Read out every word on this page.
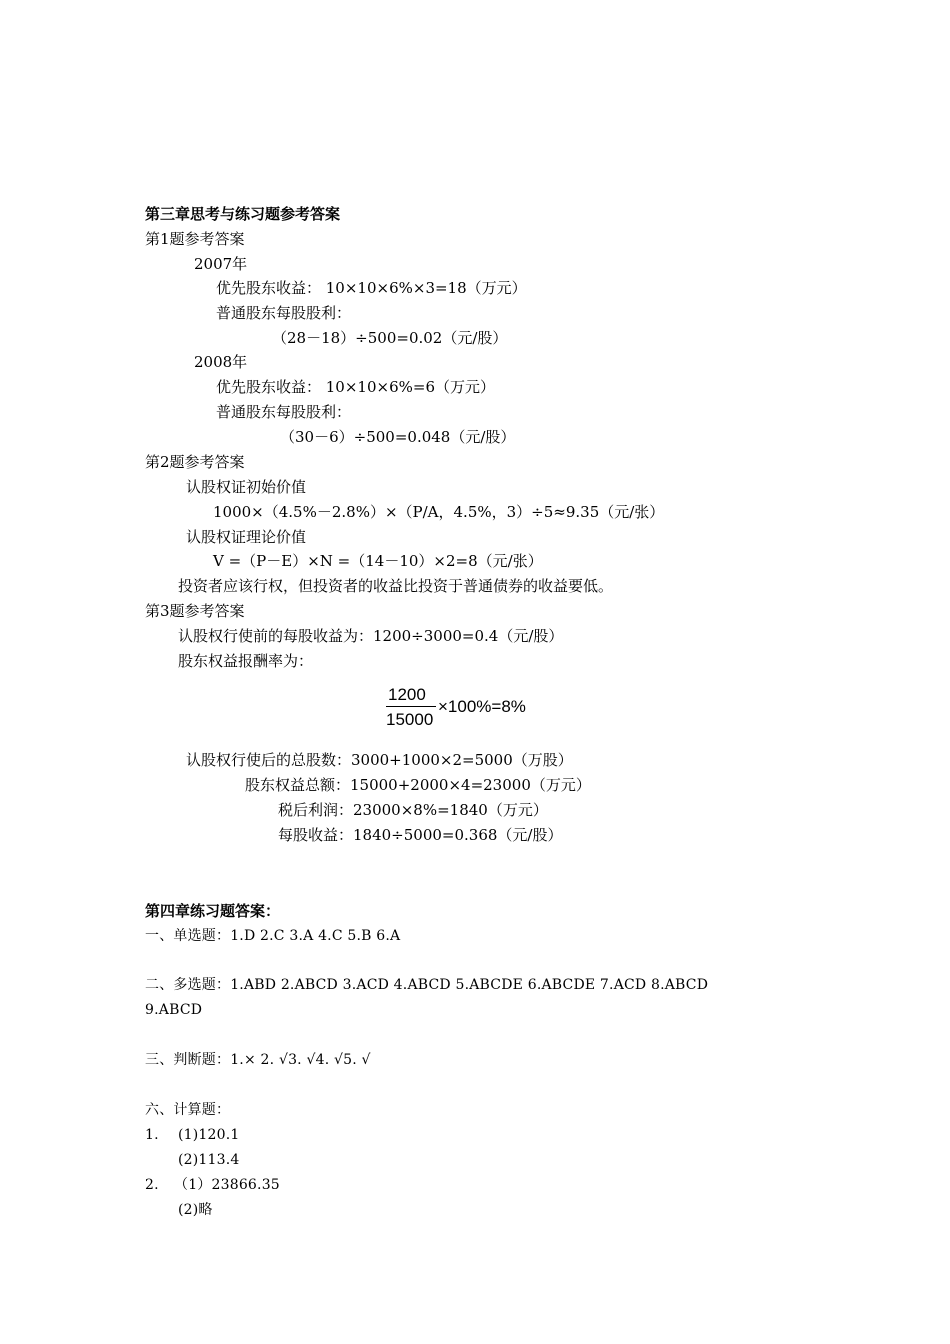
第三章思考与练习题参考答案
第1题参考答案
2007年
优先股东收益： 10×10×6%×3=18（万元）
普通股东每股股利：
（28－18）÷500=0.02（元/股）
2008年
优先股东收益： 10×10×6%=6（万元）
普通股东每股股利：
（30－6）÷500=0.048（元/股）
第2题参考答案
认股权证初始价值
1000×（4.5%－2.8%）×（P/A，4.5%，3）÷5≈9.35（元/张）
认股权证理论价值
V =（P－E）×N =（14－10）×2=8（元/张）
投资者应该行权，但投资者的收益比投资于普通债券的收益要低。
第3题参考答案
认股权行使前的每股收益为：1200÷3000=0.4（元/股）
股东权益报酬率为：
1200
15000
×100%=8%
认股权行使后的总股数：3000+1000×2=5000（万股）
股东权益总额：15000+2000×4=23000（万元）
税后利润：23000×8%=1840（万元）
每股收益：1840÷5000=0.368（元/股）
第四章练习题答案：
一、单选题：1.D 2.C 3.A 4.C 5.B 6.A
二、多选题：1.ABD 2.ABCD 3.ACD 4.ABCD 5.ABCDE 6.ABCDE 7.ACD 8.ABCD
9.ABCD
三、判断题：1.× 2. √3. √4. √5. √
六、计算题：
1. (1)120.1
(2)113.4
2. （1）23866.35
(2)略
